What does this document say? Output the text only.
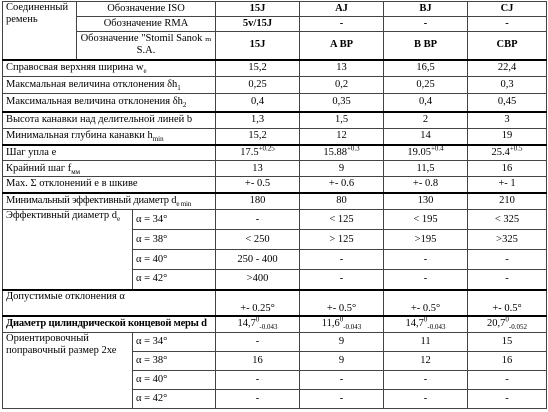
Соединенный
ремень	Обозначение ISO		15J	AJ	BJ	CJ
	Обозначение RMA		5v/15J	-	-	-
	Обозначение "Stomil Sanok ₘ S.A.		15J	A BP	B BP	CBP
Справосвая верхняя ширина $w_e$			15,2	13	16,5	22,4
Максмальная величина отклонения $\delta h_1$			0,25	0,2	0,25	0,3
Максимальная величина отклонения $\delta h_2$			0,4	0,35	0,4	0,45
Высота канавки над делительной линей b			1,3	1,5	2	3
Минимальная глубина канавки $h_{min}$			15,2	12	14	19
Шаг упла е			$17.5^{+0.25}$	$15.88^{+0.3}$	$19.05^{+0.4}$	$25.4^{+0.5}$
Крайний шаг $f_{мм}$			13	9	11,5	16
Мах. Σ отклонений е в шкиве			+- 0.5	+- 0.6	+- 0.8	+- 1
Минимальный эффективный диаметр $d_{e min}$			180	80	130	210
Эффективный диаметр $d_e$		α = 34°	-	< 125	< 195	< 325
		α = 38°	< 250	> 125	>195	>325
		α = 40°	250 - 400	-	-	-
		α = 42°	>400	-	-	-
Допустимые отклонения α			+- 0.25°	+- 0.5°	+- 0.5°	+- 0.5°
Диаметр цилиндрической концевой меры d			$14,7^0_{-0.043}$	$11,6^0_{-0.043}$	$14,7^0_{-0.043}$	$20,7^0_{-0.052}$
Ориентировочный
поправочный размер 2хе		α = 34°	-	9	11	15
		α = 38°	16	9	12	16
		α = 40°	-	-	-	-
		α = 42°	-	-	-	-
